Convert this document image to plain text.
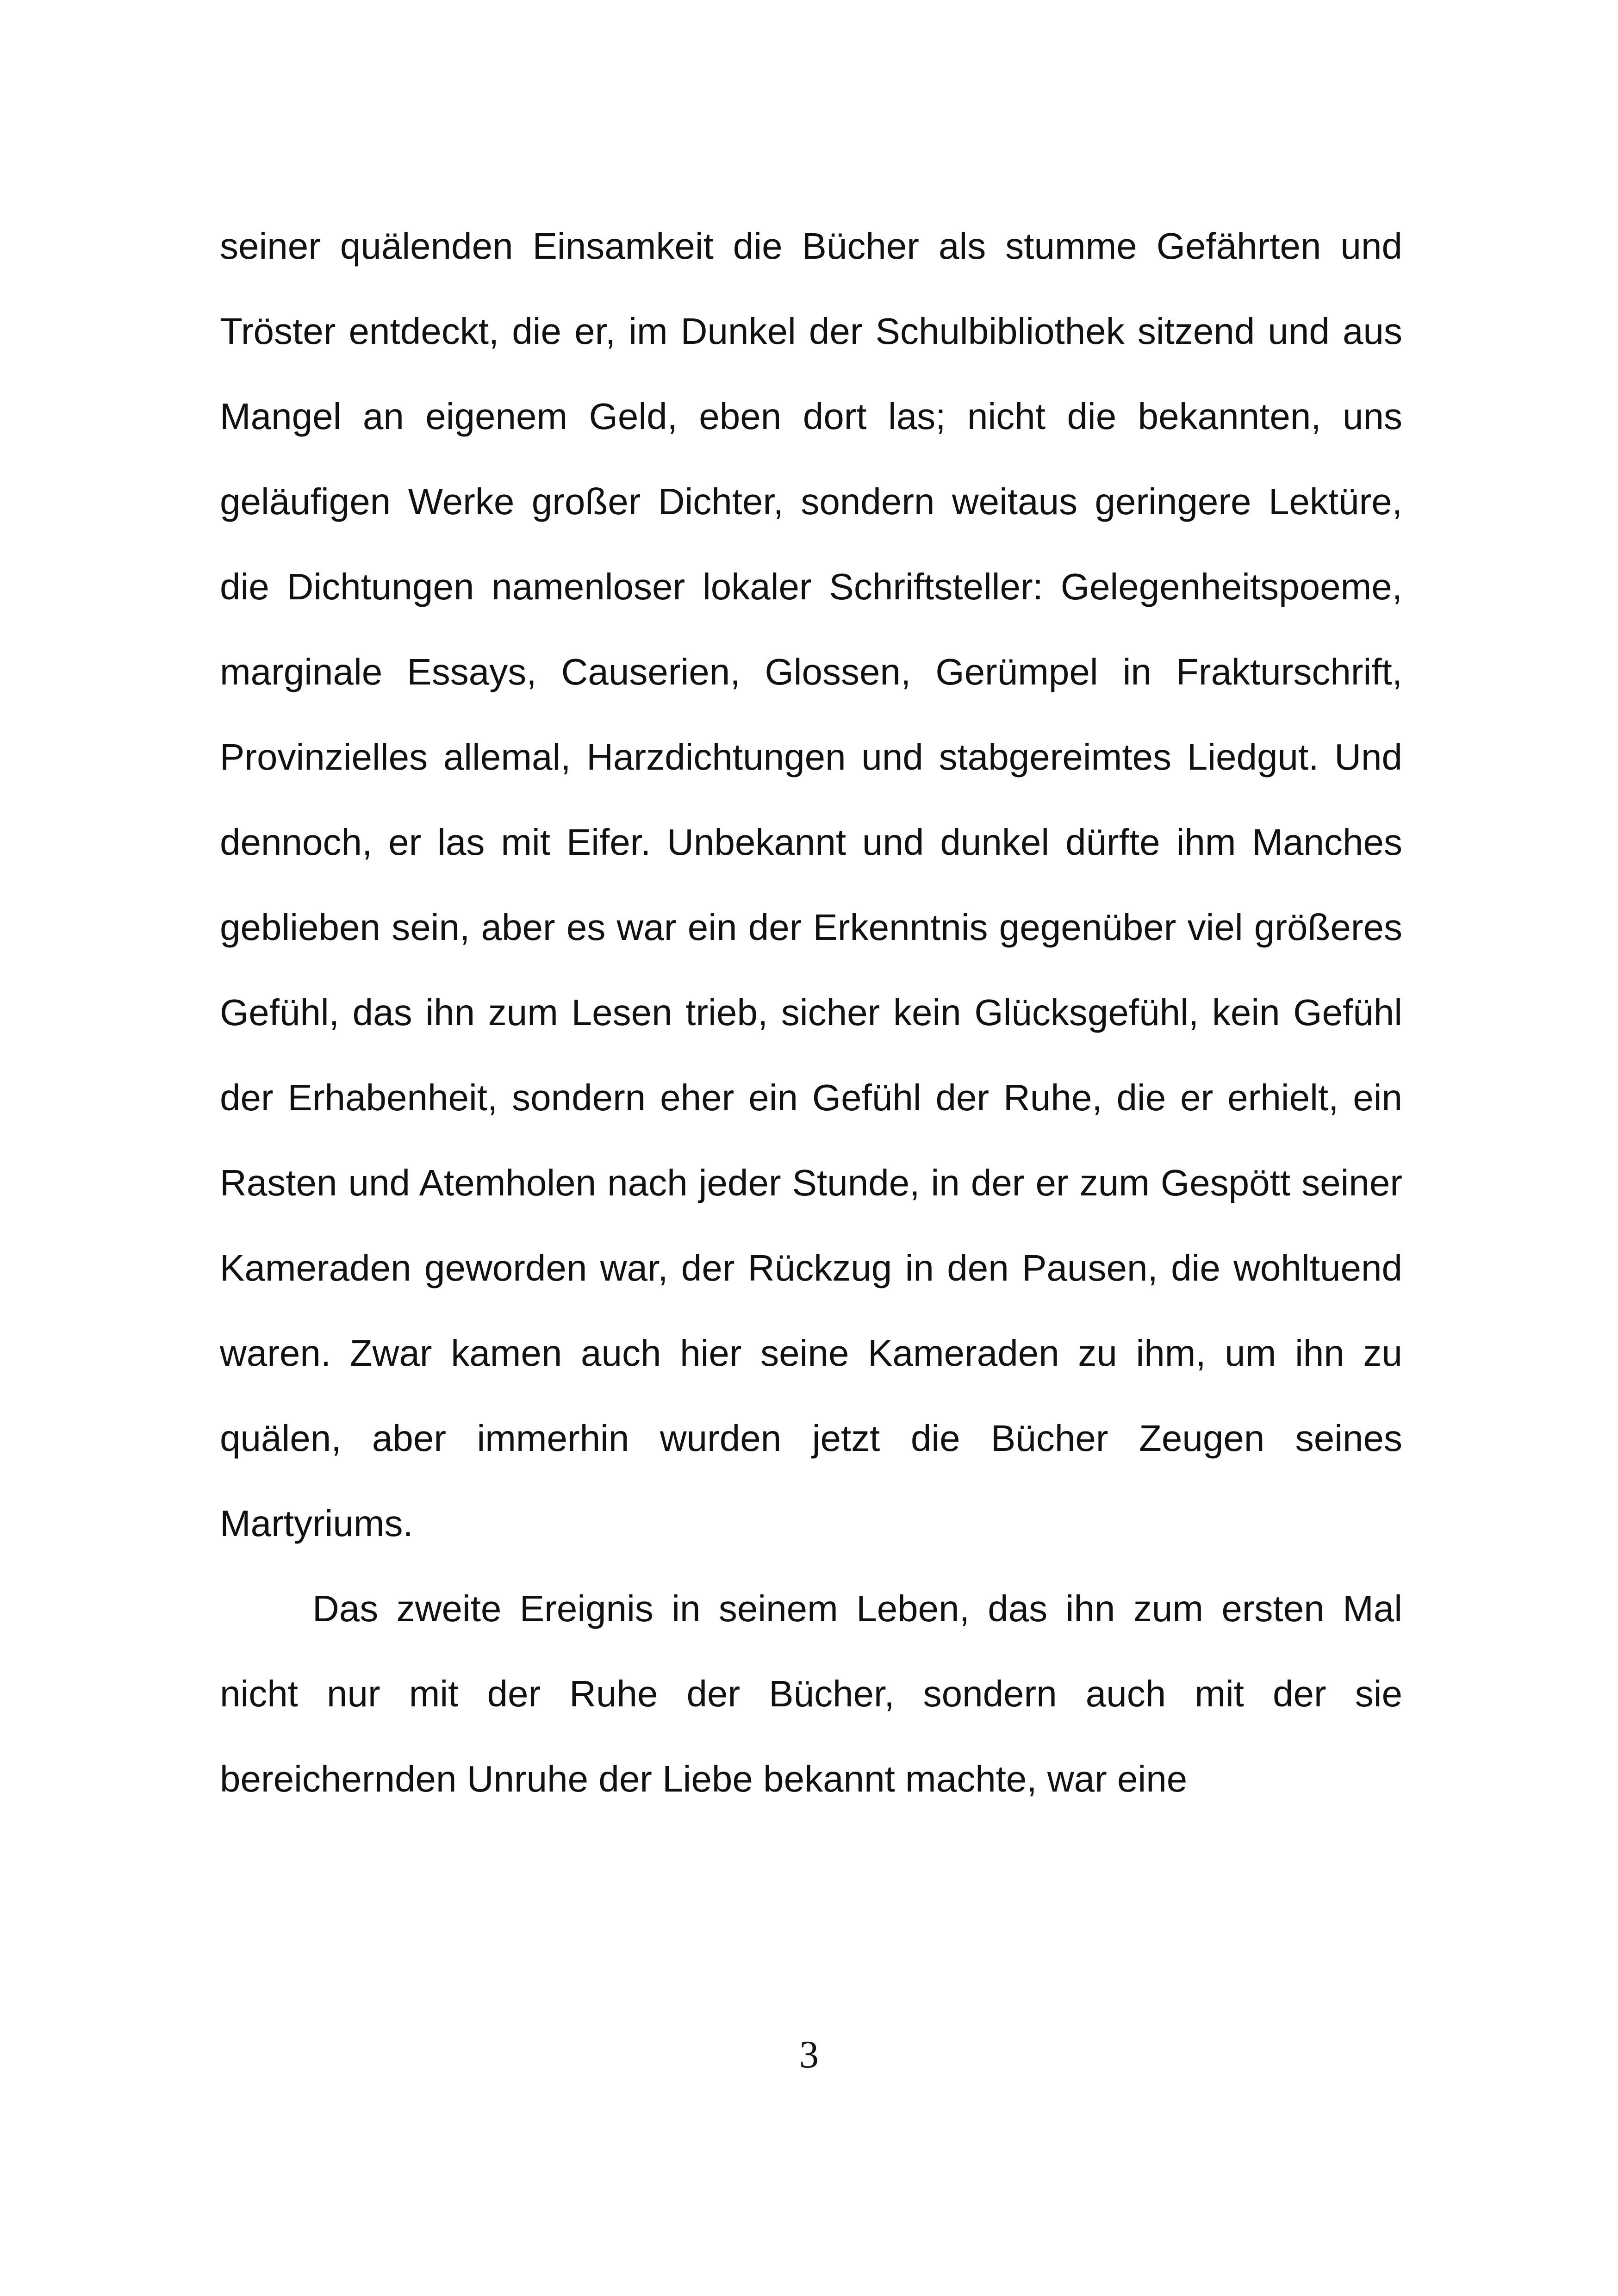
seiner quälenden Einsamkeit die Bücher als stumme Gefährten und Tröster entdeckt, die er, im Dunkel der Schulbibliothek sitzend und aus Mangel an eigenem Geld, eben dort las; nicht die bekannten, uns geläufigen Werke großer Dichter, sondern weitaus geringere Lektüre, die Dichtungen namenloser lokaler Schriftsteller: Gelegenheitspoeme, marginale Essays, Causerien, Glossen, Gerümpel in Frakturschrift, Provinzielles allemal, Harzdichtungen und stabgereimtes Liedgut. Und dennoch, er las mit Eifer. Unbekannt und dunkel dürfte ihm Manches geblieben sein, aber es war ein der Erkenntnis gegenüber viel größeres Gefühl, das ihn zum Lesen trieb, sicher kein Glücksgefühl, kein Gefühl der Erhabenheit, sondern eher ein Gefühl der Ruhe, die er erhielt, ein Rasten und Atemholen nach jeder Stunde, in der er zum Gespött seiner Kameraden geworden war, der Rückzug in den Pausen, die wohltuend waren. Zwar kamen auch hier seine Kameraden zu ihm, um ihn zu quälen, aber immerhin wurden jetzt die Bücher Zeugen seines Martyriums.

Das zweite Ereignis in seinem Leben, das ihn zum ersten Mal nicht nur mit der Ruhe der Bücher, sondern auch mit der sie bereichernden Unruhe der Liebe bekannt machte, war eine

3
